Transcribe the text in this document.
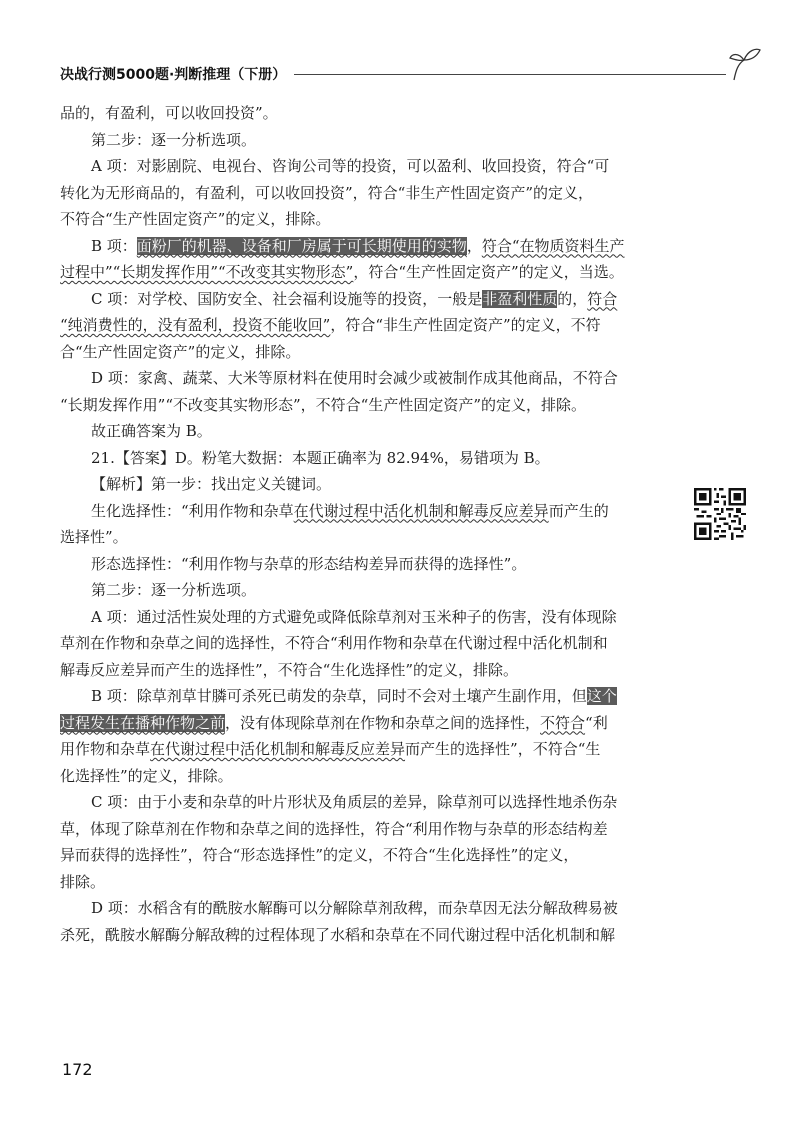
决战行测5000题·判断推理（下册）
品的，有盈利，可以收回投资”。
第二步：逐一分析选项。
A 项：对影剧院、电视台、咨询公司等的投资，可以盈利、收回投资，符合“可
转化为无形商品的，有盈利，可以收回投资”，符合“非生产性固定资产”的定义，
不符合“生产性固定资产”的定义，排除。
B 项：面粉厂的机器、设备和厂房属于可长期使用的实物，符合“在物质资料生产
过程中”“长期发挥作用”“不改变其实物形态”，符合“生产性固定资产”的定义，当选。
C 项：对学校、国防安全、社会福利设施等的投资，一般是非盈利性质的，符合
“纯消费性的，没有盈利，投资不能收回”，符合“非生产性固定资产”的定义，不符
合“生产性固定资产”的定义，排除。
D 项：家禽、蔬菜、大米等原材料在使用时会减少或被制作成其他商品，不符合
“长期发挥作用”“不改变其实物形态”，不符合“生产性固定资产”的定义，排除。
故正确答案为 B。
21.【答案】D。粉笔大数据：本题正确率为 82.94%，易错项为 B。
【解析】第一步：找出定义关键词。
生化选择性：“利用作物和杂草在代谢过程中活化机制和解毒反应差异而产生的
选择性”。
形态选择性：“利用作物与杂草的形态结构差异而获得的选择性”。
第二步：逐一分析选项。
A 项：通过活性炭处理的方式避免或降低除草剂对玉米种子的伤害，没有体现除
草剂在作物和杂草之间的选择性，不符合“利用作物和杂草在代谢过程中活化机制和
解毒反应差异而产生的选择性”，不符合“生化选择性”的定义，排除。
B 项：除草剂草甘膦可杀死已萌发的杂草，同时不会对土壤产生副作用，但这个
过程发生在播种作物之前，没有体现除草剂在作物和杂草之间的选择性，不符合“利
用作物和杂草在代谢过程中活化机制和解毒反应差异而产生的选择性”，不符合“生
化选择性”的定义，排除。
C 项：由于小麦和杂草的叶片形状及角质层的差异，除草剂可以选择性地杀伤杂
草，体现了除草剂在作物和杂草之间的选择性，符合“利用作物与杂草的形态结构差
异而获得的选择性”，符合“形态选择性”的定义，不符合“生化选择性”的定义，
排除。
D 项：水稻含有的酰胺水解酶可以分解除草剂敌稗，而杂草因无法分解敌稗易被
杀死，酰胺水解酶分解敌稗的过程体现了水稻和杂草在不同代谢过程中活化机制和解
172
